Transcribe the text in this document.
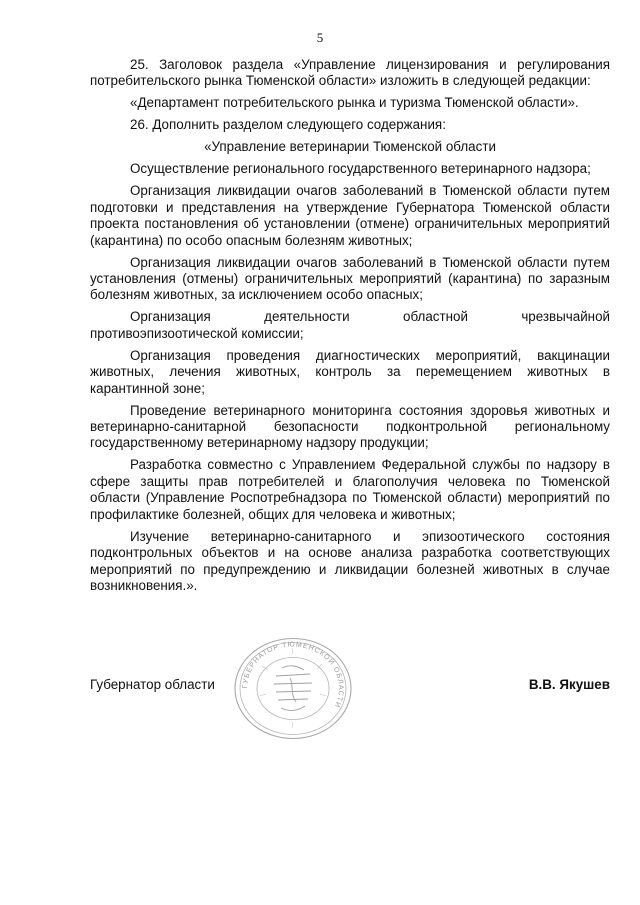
5

25. Заголовок раздела «Управление лицензирования и регулирования потребительского рынка Тюменской области» изложить в следующей редакции:

«Департамент потребительского рынка и туризма Тюменской области».

26. Дополнить разделом следующего содержания:

«Управление ветеринарии Тюменской области

Осуществление регионального государственного ветеринарного надзора;

Организация ликвидации очагов заболеваний в Тюменской области путем подготовки и представления на утверждение Губернатора Тюменской области проекта постановления об установлении (отмене) ограничительных мероприятий (карантина) по особо опасным болезням животных;

Организация ликвидации очагов заболеваний в Тюменской области путем установления (отмены) ограничительных мероприятий (карантина) по заразным болезням животных, за исключением особо опасных;

Организация деятельности областной чрезвычайной противоэпизоотической комиссии;

Организация проведения диагностических мероприятий, вакцинации животных, лечения животных, контроль за перемещением животных в карантинной зоне;

Проведение ветеринарного мониторинга состояния здоровья животных и ветеринарно-санитарной безопасности подконтрольной региональному государственному ветеринарному надзору продукции;

Разработка совместно с Управлением Федеральной службы по надзору в сфере защиты прав потребителей и благополучия человека по Тюменской области (Управление Роспотребнадзора по Тюменской области) мероприятий по профилактике болезней, общих для человека и животных;

Изучение ветеринарно-санитарного и эпизоотического состояния подконтрольных объектов и на основе анализа разработка соответствующих мероприятий по предупреждению и ликвидации болезней животных в случае возникновения.».

Губернатор области	В.В. Якушев
ГУБЕРНАТОР ТЮМЕНСКОЙ ОБЛАСТИ
